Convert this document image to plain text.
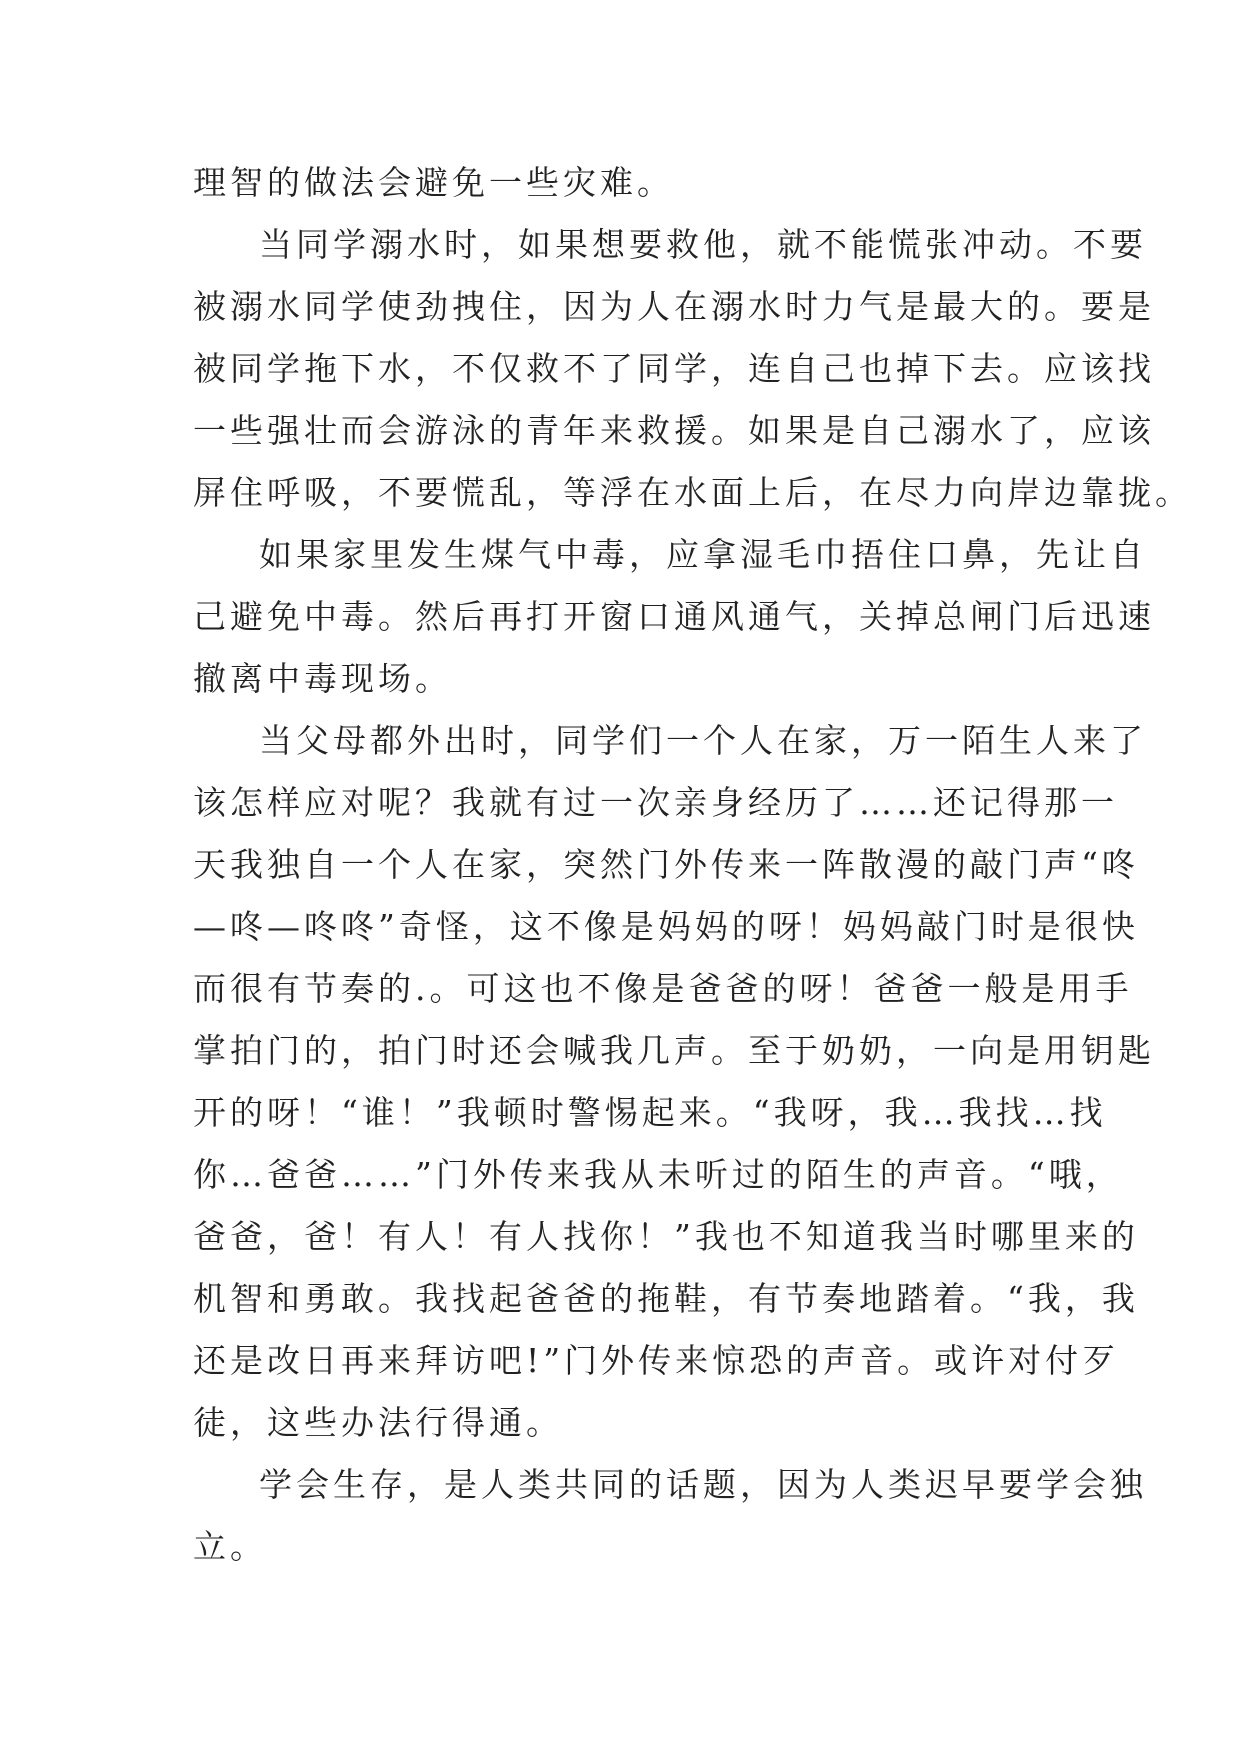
理智的做法会避免一些灾难。
当 同 学 溺 水 时 ， 如 果 想 要 救 他 ， 就 不 能 慌 张 冲 动 。 不 要
被 溺 水 同 学 使 劲 拽 住 ， 因 为 人 在 溺 水 时 力 气 是 最 大 的 。 要 是
被 同 学 拖 下 水 ， 不 仅 救 不 了 同 学 ， 连 自 己 也 掉 下 去 。 应 该 找
一 些 强 壮 而 会 游 泳 的 青 年 来 救 援 。 如 果 是 自 己 溺 水 了 ， 应 该
屏住呼吸，不要慌乱，等浮在水面上后，在尽力向岸边靠拢。
如 果 家 里 发 生 煤 气 中 毒 ， 应 拿 湿 毛 巾 捂 住 口 鼻 ， 先 让 自
己 避 免 中 毒 。 然 后 再 打 开 窗 口 通 风 通 气 ， 关 掉 总 闸 门 后 迅 速
撤离中毒现场。
当 父 母 都 外 出 时 ， 同 学 们 一 个 人 在 家 ， 万 一 陌 生 人 来 了
该 怎 样 应 对 呢 ？ 我 就 有 过 一 次 亲 身 经 历 了 … … 还 记 得 那 一
天 我 独 自 一 个 人 在 家 ， 突 然 门 外 传 来 一 阵 散 漫 的 敲 门 声 “ 咚
— 咚 — 咚 咚 ” 奇 怪 ， 这 不 像 是 妈 妈 的 呀 ！ 妈 妈 敲 门 时 是 很 快
而 很 有 节 奏 的 . 。 可 这 也 不 像 是 爸 爸 的 呀 ！ 爸 爸 一 般 是 用 手
掌 拍 门 的 ， 拍 门 时 还 会 喊 我 几 声 。 至 于 奶 奶 ， 一 向 是 用 钥 匙
开 的 呀 ！ “ 谁 ！ ” 我 顿 时 警 惕 起 来 。 “ 我 呀 ， 我 … 我 找 … 找
你 … 爸 爸 … … ” 门 外 传 来 我 从 未 听 过 的 陌 生 的 声 音 。 “ 哦 ，
爸 爸 ， 爸 ！ 有 人 ！ 有 人 找 你 ！ ” 我 也 不 知 道 我 当 时 哪 里 来 的
机 智 和 勇 敢 。 我 找 起 爸 爸 的 拖 鞋 ， 有 节 奏 地 踏 着 。 “ 我 ， 我
还 是 改 日 再 来 拜 访 吧 ! ” 门 外 传 来 惊 恐 的 声 音 。 或 许 对 付 歹
徒，这些办法行得通。
学 会 生 存 ， 是 人 类 共 同 的 话 题 ， 因 为 人 类 迟 早 要 学 会 独
立。
